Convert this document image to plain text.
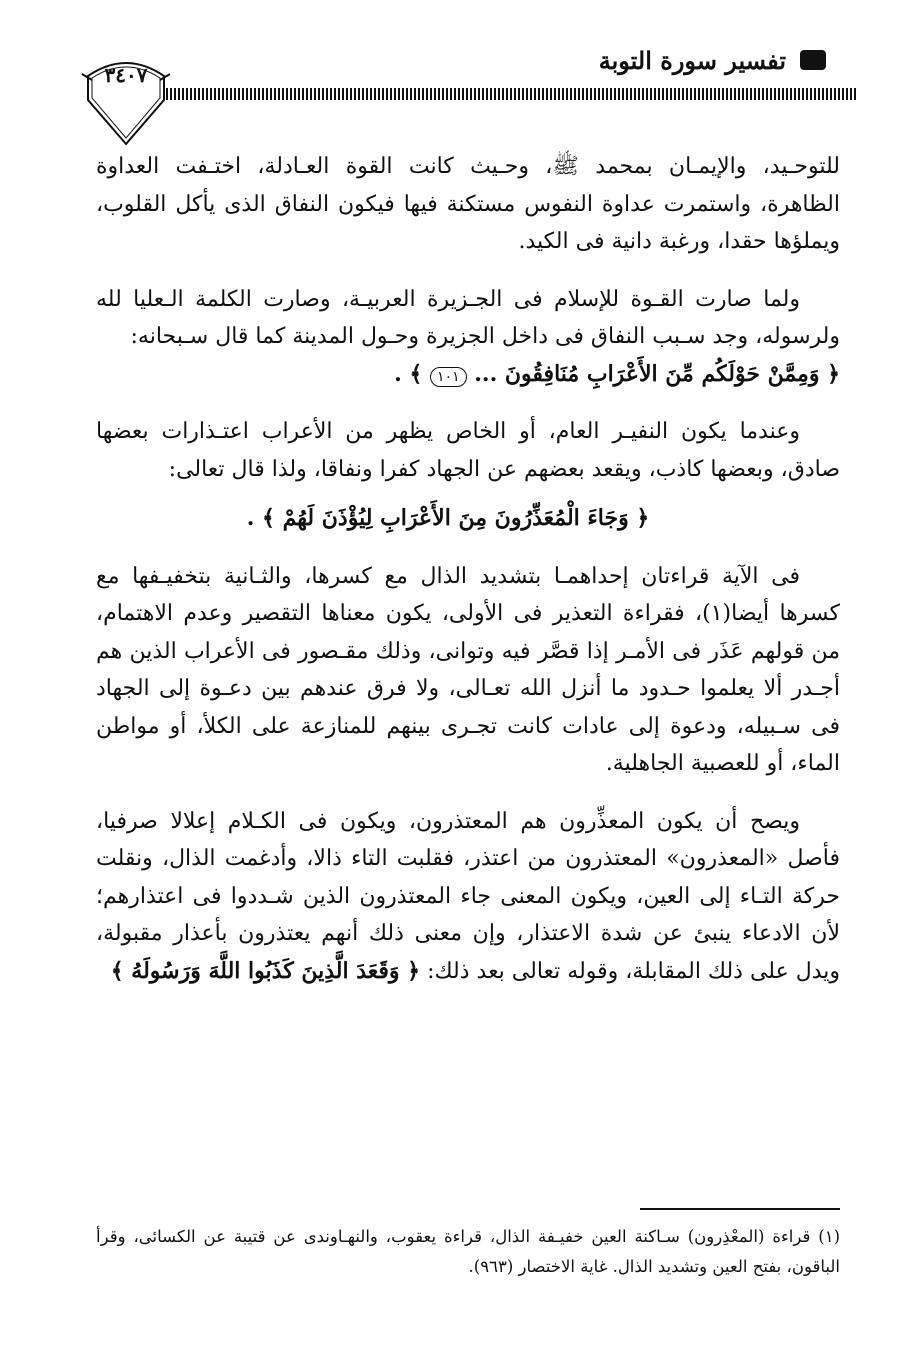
تفسير سورة التوبة
٣٤٠٧

للتوحـيد، والإيمـان بمحمد ﷺ، وحـيث كانت القوة العـادلة، اختـفت العداوة الظاهرة، واستمرت عداوة النفوس مستكنة فيها فيكون النفاق الذى يأكل القلوب، ويملؤها حقدا، ورغبة دانية فى الكيد.

ولما صارت القـوة للإسلام فى الجـزيرة العربيـة، وصارت الكلمة الـعليا لله ولرسوله، وجد سـبب النفاق فى داخل الجزيرة وحـول المدينة كما قال سـبحانه:

﴿ وَمِمَّنْ حَوْلَكُم مِّنَ الأَعْرَابِ مُنَافِقُونَ ... ١٠١ ﴾ .

وعندما يكون النفيـر العام، أو الخاص يظهر من الأعراب اعتـذارات بعضها صادق، وبعضها كاذب، ويقعد بعضهم عن الجهاد كفرا ونفاقا، ولذا قال تعالى:

﴿ وَجَاءَ الْمُعَذِّرُونَ مِنَ الأَعْرَابِ لِيُؤْذَنَ لَهُمْ ﴾ .

فى الآية قراءتان إحداهمـا بتشديد الذال مع كسرها، والثـانية بتخفيـفها مع كسرها أيضا(١)، فقراءة التعذير فى الأولى، يكون معناها التقصير وعدم الاهتمام، من قولهم عَذَر فى الأمـر إذا قصَّر فيه وتوانى، وذلك مقـصور فى الأعراب الذين هم أجـدر ألا يعلموا حـدود ما أنزل الله تعـالى، ولا فرق عندهم بين دعـوة إلى الجهاد فى سـبيله، ودعوة إلى عادات كانت تجـرى بينهم للمنازعة على الكلأ، أو مواطن الماء، أو للعصبية الجاهلية.

ويصح أن يكون المعذِّرون هم المعتذرون، ويكون فى الكـلام إعلالا صرفيا، فأصل «المعذرون» المعتذرون من اعتذر، فقلبت التاء ذالا، وأدغمت الذال، ونقلت حركة التـاء إلى العين، ويكون المعنى جاء المعتذرون الذين شـددوا فى اعتذارهم؛ لأن الادعاء ينبئ عن شدة الاعتذار، وإن معنى ذلك أنهم يعتذرون بأعذار مقبولة، ويدل على ذلك المقابلة، وقوله تعالى بعد ذلك: ﴿ وَقَعَدَ الَّذِينَ كَذَبُوا اللَّهَ وَرَسُولَهُ ﴾

(١) قراءة (المعْذِرون) سـاكنة العين خفيـفة الذال، قراءة يعقوب، والنهـاوندى عن قتيبة عن الكسائى، وقرأ الباقون، بفتح العين وتشديد الذال. غاية الاختصار (٩٦٣).
